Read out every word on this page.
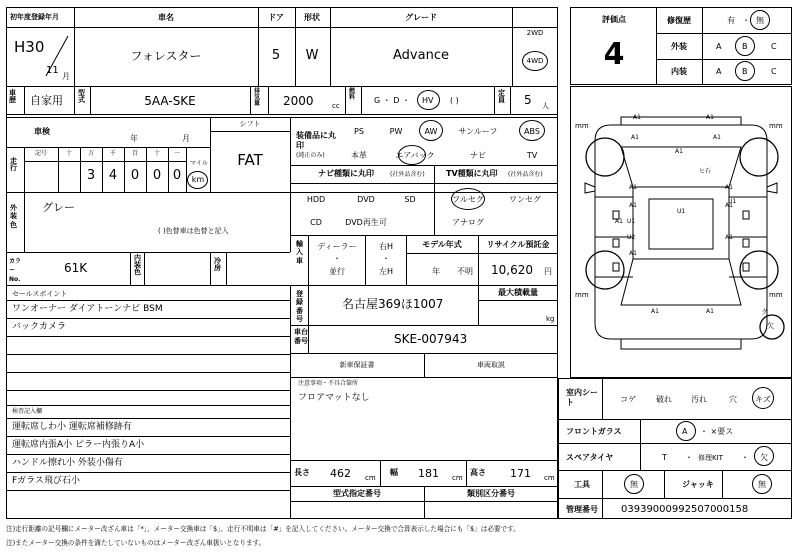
初年度登録年月	車名	ドア	形状	グレード
H30
11
月
フォレスター	5 W	Advance
2WD
4WD
車歴 自家用
型式	5AA-SKE
排気量 2000	cc
燃料 G ・ D ・ HV ( )
定員 5 人
車検
年	月
シフト
FAT
走行
記号	十	万	千	百	十 一
マイル
3 4 0 0 0 km
装備品に丸印
(純正のみ)
PS	PW	AW	サンルーフ	ABS
本革	エアバック	ナビ	TV
外装色
グレー
( )色替車は色替と記入
ナビ種類に丸印	(社外品含む)
HDD	DVD	SD
CD	DVD再生可
TV種類に丸印 (社外品含む)
フルセグ	ワンセグ
アナログ
カラーNo.
61K
内装色
冷房
輸入車
ディーラー
・
並行
右H
・
左H
モデル年式
年 不明
リサイクル預託金
10,620 円
セールスポイント
ワンオーナー ダイアトーンナビ BSM
バックカメラ
登録番号
名古屋369ほ1007
最大積載量
kg
車台番号	SKE-007943
新車保証書	車両取説
注意事項・不具合箇所
フロアマットなし
検査記入欄
運転席しわ小 運転席補修跡有
運転席内張A小 ピラー内張りA小
ハンドル擦れ小 外装小傷有
Fガラス飛び石小
長さ 462 cm
幅 181 cm
高さ 171 cm
型式指定番号	類別区分番号
評価点
4
修復歴	有 ・ 無
外装	A	B	C
内装	A	B	C
mm	mm
mm	mm
A1	A1
A1	A1
A1
A1	A1
A1	A1
A1
U1
U1
U1
U2
A1
A1
A1
ヒ石
A1	ク
欠
室内シート	コゲ	破れ 汚れ	穴 キズ
フロントガラス	A ・ ×要ス
スペアタイヤ	T ・ 修理KIT ・ 欠
工具	無	ジャッキ	無
管理番号 0393900099250700015​8
注)走行距離の記号欄にメーター改ざん車は「*」、メーター交換車は「$」、走行不明車は「#」を記入してください。メーター交換で合算表示した場合にも「$」は必要です。
注)またメーター交換の条件を満たしていないものはメーター改ざん車扱いとなります。
